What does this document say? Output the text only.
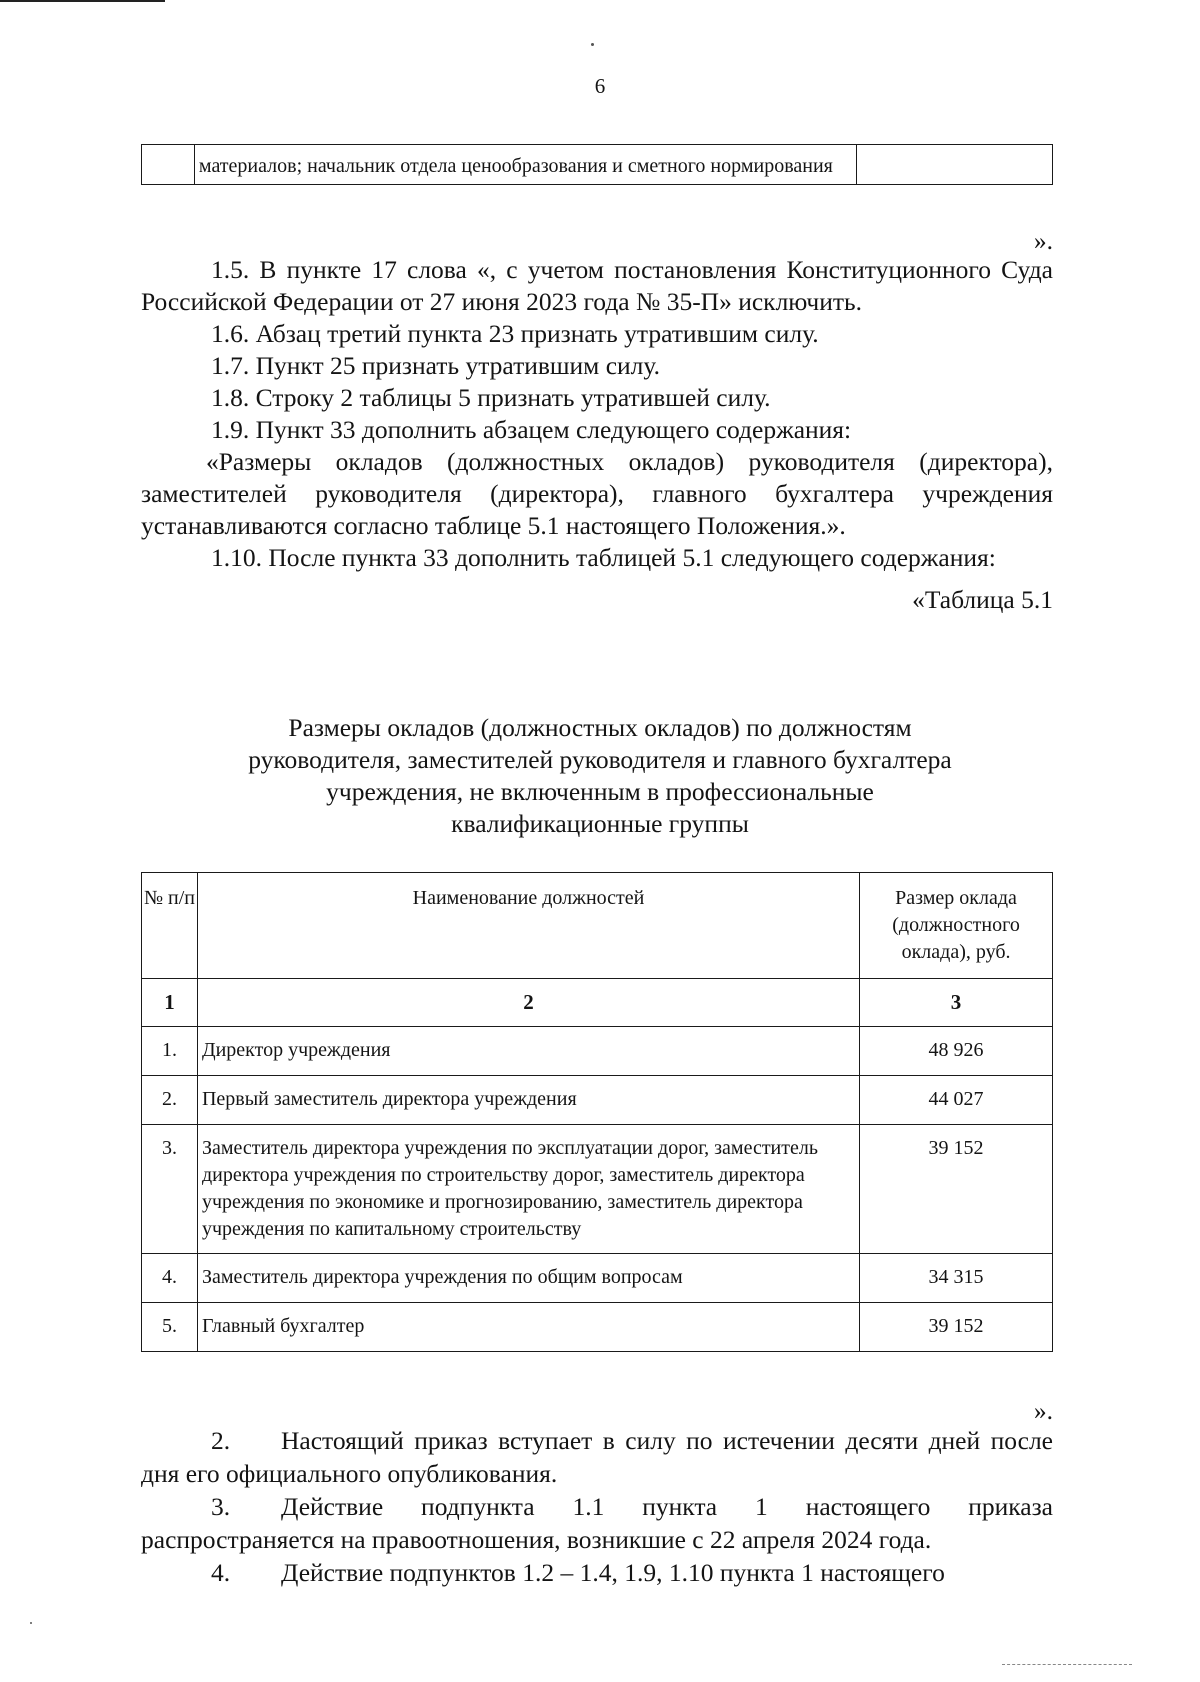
6
	материалов; начальник отдела ценообразования и сметного нормирования	
».

1.5. В пункте 17 слова «, с учетом постановления Конституционного Суда Российской Федерации от 27 июня 2023 года № 35-П» исключить.

1.6. Абзац третий пункта 23 признать утратившим силу.

1.7. Пункт 25 признать утратившим силу.

1.8. Строку 2 таблицы 5 признать утратившей силу.

1.9. Пункт 33 дополнить абзацем следующего содержания:

«Размеры окладов (должностных окладов) руководителя (директора), заместителей руководителя (директора), главного бухгалтера учреждения устанавливаются согласно таблице 5.1 настоящего Положения.».

1.10. После пункта 33 дополнить таблицей 5.1 следующего содержания:

«Таблица 5.1

Размеры окладов (должностных окладов) по должностям руководителя, заместителей руководителя и главного бухгалтера учреждения, не включенным в профессиональные квалификационные группы
№ п/п	Наименование должностей	Размер оклада (должностного оклада), руб.
1	2	3
1.	Директор учреждения	48 926
2.	Первый заместитель директора учреждения	44 027
3.	Заместитель директора учреждения по эксплуатации дорог, заместитель директора учреждения по строительству дорог, заместитель директора учреждения по экономике и прогнозированию, заместитель директора учреждения по капитальному строительству	39 152
4.	Заместитель директора учреждения по общим вопросам	34 315
5.	Главный бухгалтер	39 152
».

2. Настоящий приказ вступает в силу по истечении десяти дней после дня его официального опубликования.

3. Действие подпункта 1.1 пункта 1 настоящего приказа распространяется на правоотношения, возникшие с 22 апреля 2024 года.

4. Действие подпунктов 1.2 – 1.4, 1.9, 1.10 пункта 1 настоящего
